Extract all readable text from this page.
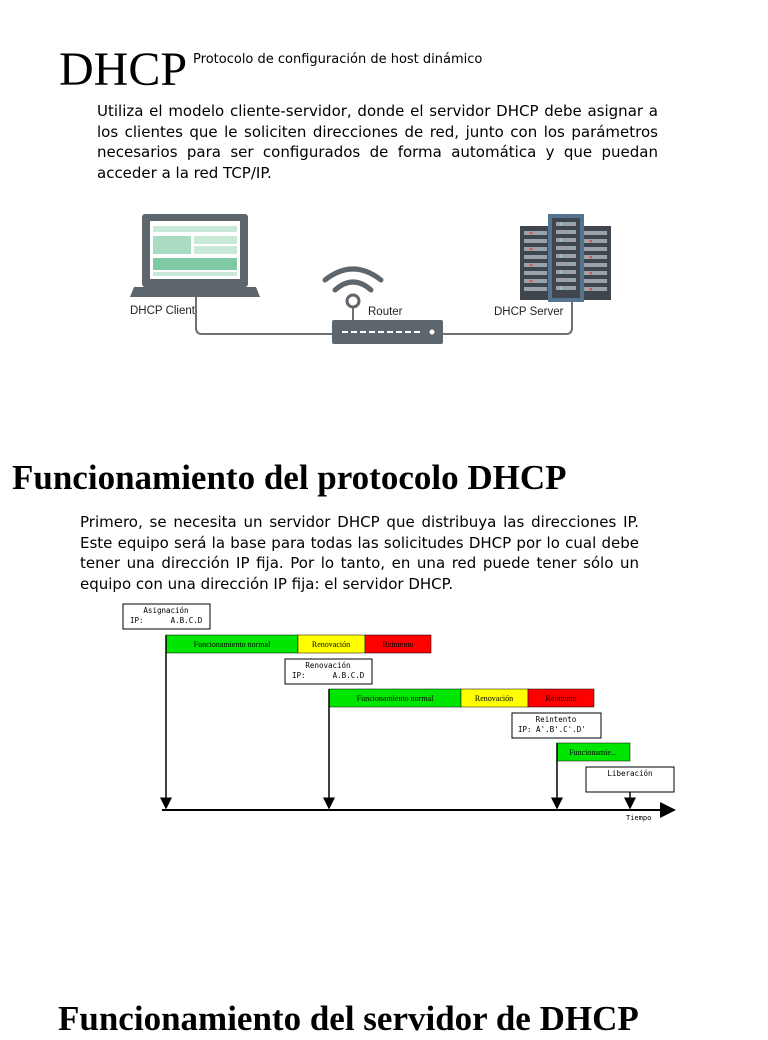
DHCP $^{Protocolo de configuración de host dinámico}$
Utiliza el modelo cliente-servidor, donde el servidor DHCP debe asignar a los clientes que le soliciten direcciones de red, junto con los parámetros necesarios para ser configurados de forma automática y que puedan acceder a la red TCP/IP.
DHCP Client	Router	DHCP Server
Funcionamiento del protocolo DHCP
Primero, se necesita un servidor DHCP que distribuya las direcciones IP. Este equipo será la base para todas las solicitudes DHCP por lo cual debe tener una dirección IP fija. Por lo tanto, en una red puede tener sólo un equipo con una dirección IP fija: el servidor DHCP.
Asignación
IP:      A.B.C.D
Funcionamiento normal	Renovación	Reintento
Renovación
IP:      A.B.C.D
Funcionamiento normal	Renovación	Reintento
Reintento
IP: A'.B'.C'.D'
Funcionamie...
Liberación
Tiempo
Funcionamiento del servidor de DHCP
